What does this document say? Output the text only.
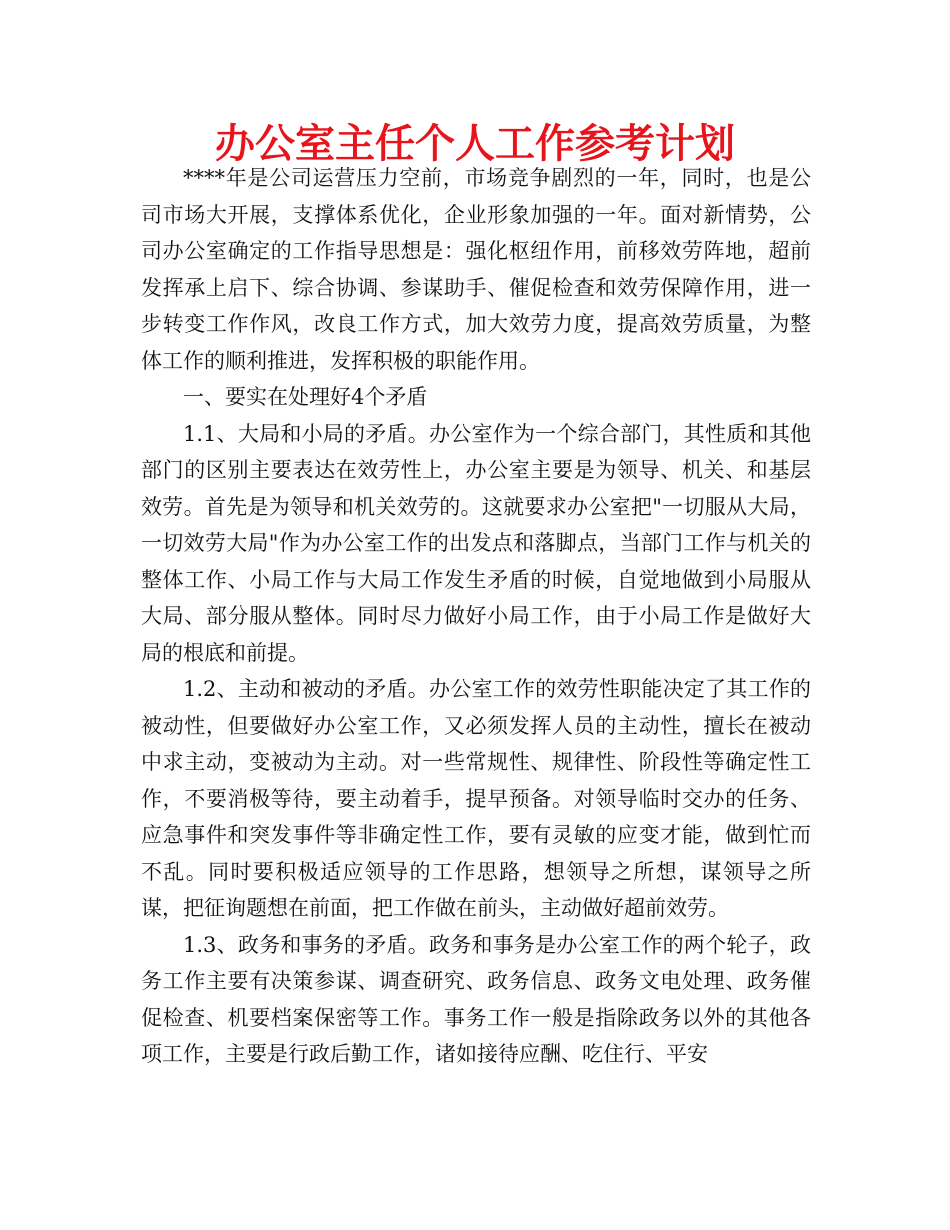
办公室主任个人工作参考计划

****年是公司运营压力空前，市场竞争剧烈的一年，同时，也是公司市场大开展，支撑体系优化，企业形象加强的一年。面对新情势，公司办公室确定的工作指导思想是：强化枢纽作用，前移效劳阵地，超前发挥承上启下、综合协调、参谋助手、催促检查和效劳保障作用，进一步转变工作作风，改良工作方式，加大效劳力度，提高效劳质量，为整体工作的顺利推进，发挥积极的职能作用。

一、要实在处理好4个矛盾

1.1、大局和小局的矛盾。办公室作为一个综合部门，其性质和其他部门的区别主要表达在效劳性上，办公室主要是为领导、机关、和基层效劳。首先是为领导和机关效劳的。这就要求办公室把"一切服从大局，一切效劳大局"作为办公室工作的出发点和落脚点，当部门工作与机关的整体工作、小局工作与大局工作发生矛盾的时候，自觉地做到小局服从大局、部分服从整体。同时尽力做好小局工作，由于小局工作是做好大局的根底和前提。

1.2、主动和被动的矛盾。办公室工作的效劳性职能决定了其工作的被动性，但要做好办公室工作，又必须发挥人员的主动性，擅长在被动中求主动，变被动为主动。对一些常规性、规律性、阶段性等确定性工作，不要消极等待，要主动着手，提早预备。对领导临时交办的任务、应急事件和突发事件等非确定性工作，要有灵敏的应变才能，做到忙而不乱。同时要积极适应领导的工作思路，想领导之所想，谋领导之所谋，把征询题想在前面，把工作做在前头，主动做好超前效劳。

1.3、政务和事务的矛盾。政务和事务是办公室工作的两个轮子，政务工作主要有决策参谋、调查研究、政务信息、政务文电处理、政务催促检查、机要档案保密等工作。事务工作一般是指除政务以外的其他各项工作，主要是行政后勤工作，诸如接待应酬、吃住行、平安
